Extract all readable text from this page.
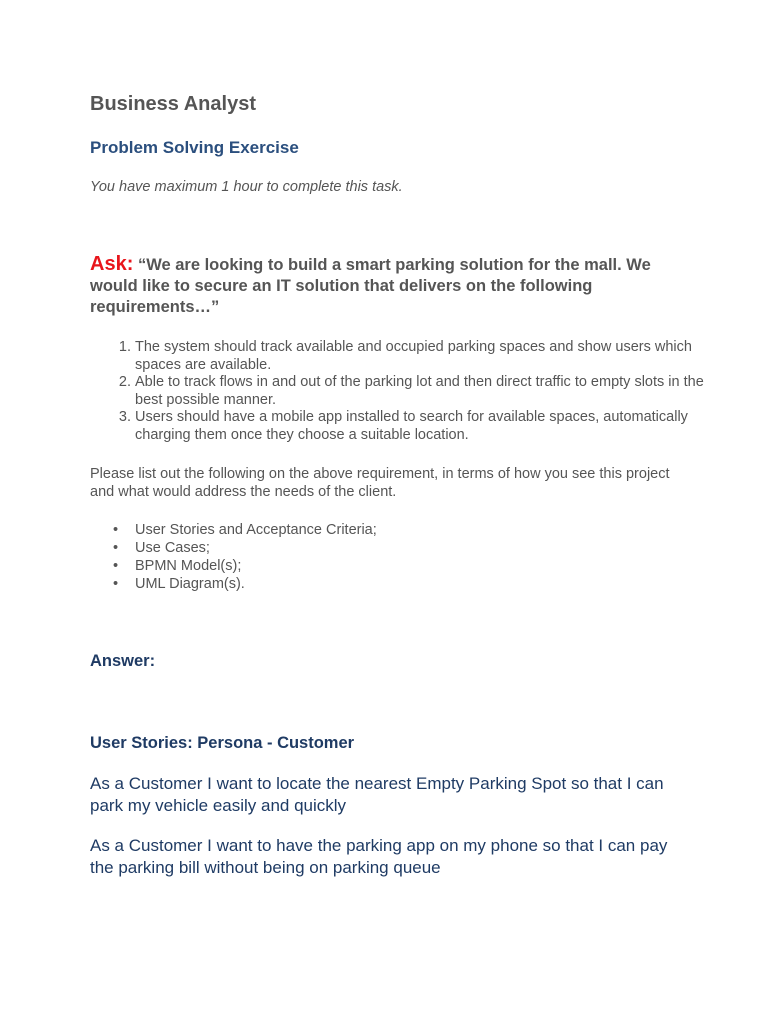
Business Analyst
Problem Solving Exercise

You have maximum 1 hour to complete this task.

Ask: “We are looking to build a smart parking solution for the mall. We would like to secure an IT solution that delivers on the following requirements…”

1. The system should track available and occupied parking spaces and show users which spaces are available.
2. Able to track flows in and out of the parking lot and then direct traffic to empty slots in the best possible manner.
3. Users should have a mobile app installed to search for available spaces, automatically charging them once they choose a suitable location.

Please list out the following on the above requirement, in terms of how you see this project and what would address the needs of the client.

• User Stories and Acceptance Criteria;
• Use Cases;
• BPMN Model(s);
• UML Diagram(s).
Answer:
User Stories: Persona - Customer

As a Customer I want to locate the nearest Empty Parking Spot so that I can park my vehicle easily and quickly

As a Customer I want to have the parking app on my phone so that I can pay the parking bill without being on parking queue
